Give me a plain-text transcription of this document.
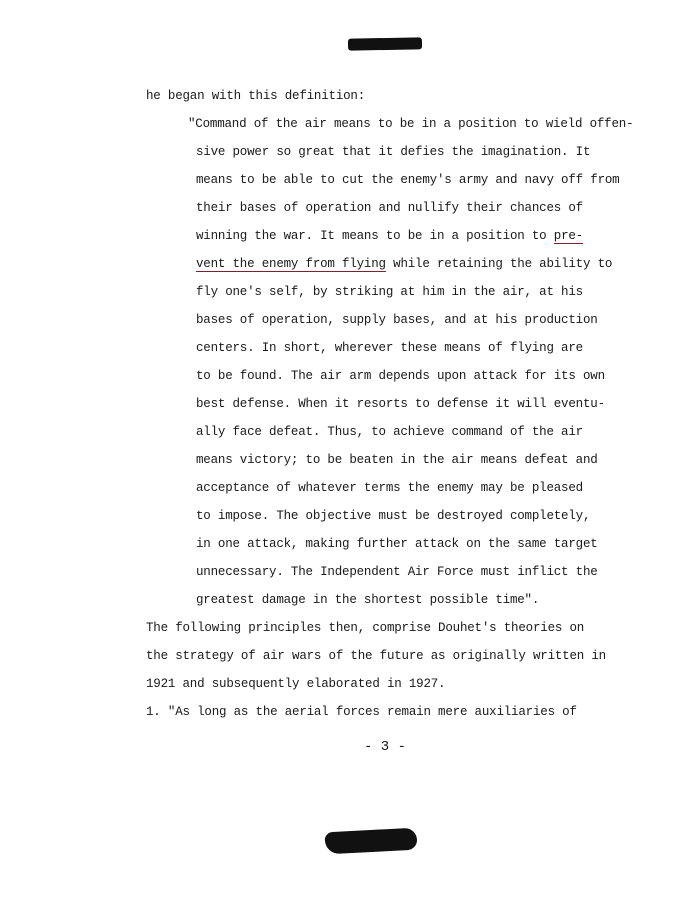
he began with this definition:
"Command of the air means to be in a position to wield offen-
sive power so great that it defies the imagination. It
means to be able to cut the enemy's army and navy off from
their bases of operation and nullify their chances of
winning the war. It means to be in a position to pre-
vent the enemy from flying while retaining the ability to
fly one's self, by striking at him in the air, at his
bases of operation, supply bases, and at his production
centers. In short, wherever these means of flying are
to be found. The air arm depends upon attack for its own
best defense. When it resorts to defense it will eventu-
ally face defeat. Thus, to achieve command of the air
means victory; to be beaten in the air means defeat and
acceptance of whatever terms the enemy may be pleased
to impose. The objective must be destroyed completely,
in one attack, making further attack on the same target
unnecessary. The Independent Air Force must inflict the
greatest damage in the shortest possible time".
The following principles then, comprise Douhet's theories on
the strategy of air wars of the future as originally written in
1921 and subsequently elaborated in 1927.
1. "As long as the aerial forces remain mere auxiliaries of
- 3 -
